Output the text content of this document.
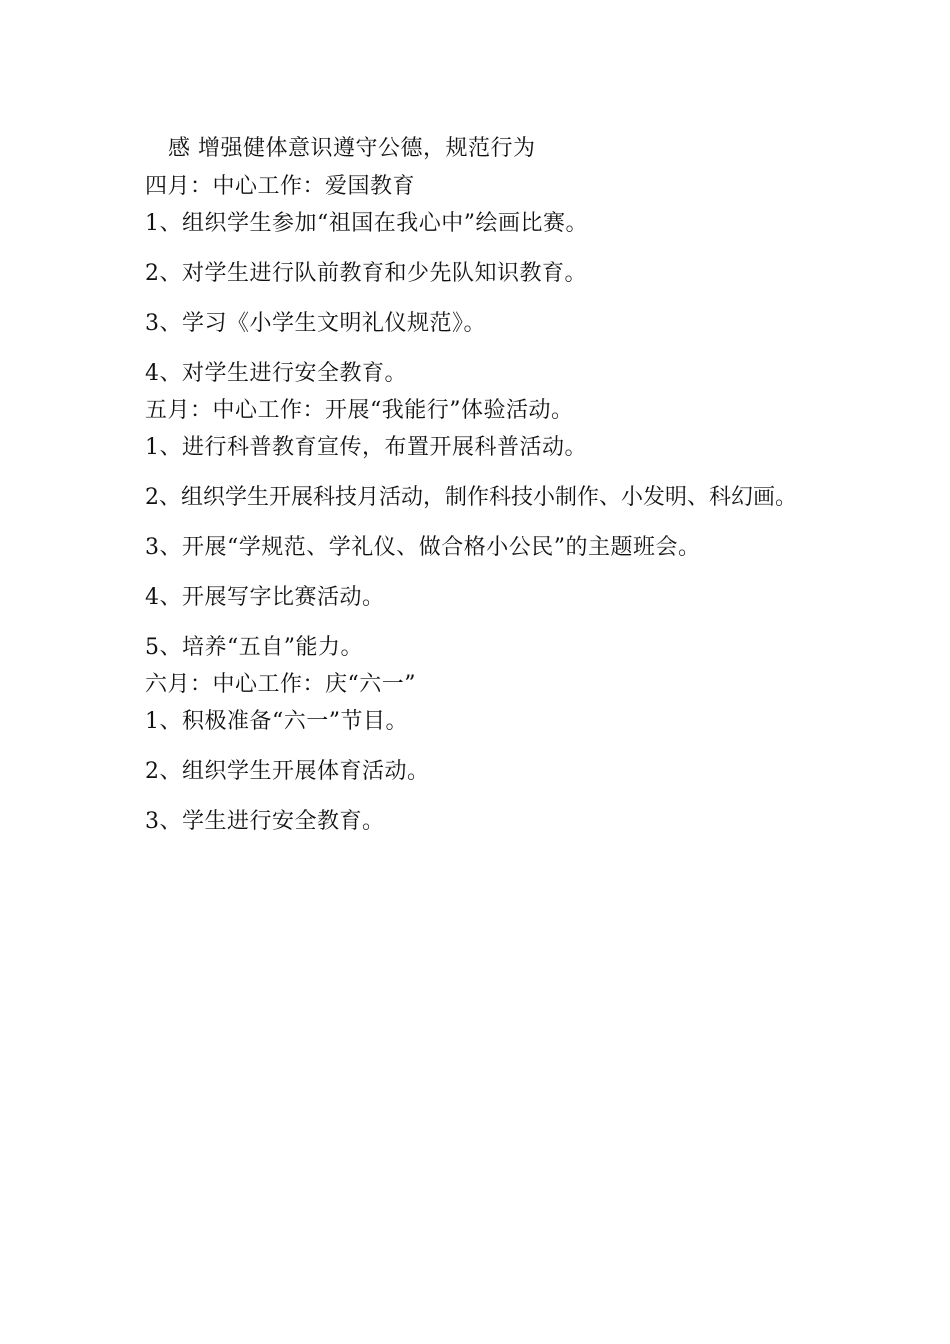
感 增强健体意识遵守公德，规范行为
四月：中心工作：爱国教育
1、组织学生参加“祖国在我心中”绘画比赛。
2、对学生进行队前教育和少先队知识教育。
3、学习《小学生文明礼仪规范》。
4、对学生进行安全教育。
五月：中心工作：开展“我能行”体验活动。
1、进行科普教育宣传，布置开展科普活动。
2、组织学生开展科技月活动，制作科技小制作、小发明、科幻画。
3、开展“学规范、学礼仪、做合格小公民”的主题班会。
4、开展写字比赛活动。
5、培养“五自”能力。
六月：中心工作：庆“六一”
1、积极准备“六一”节目。
2、组织学生开展体育活动。
3、学生进行安全教育。
